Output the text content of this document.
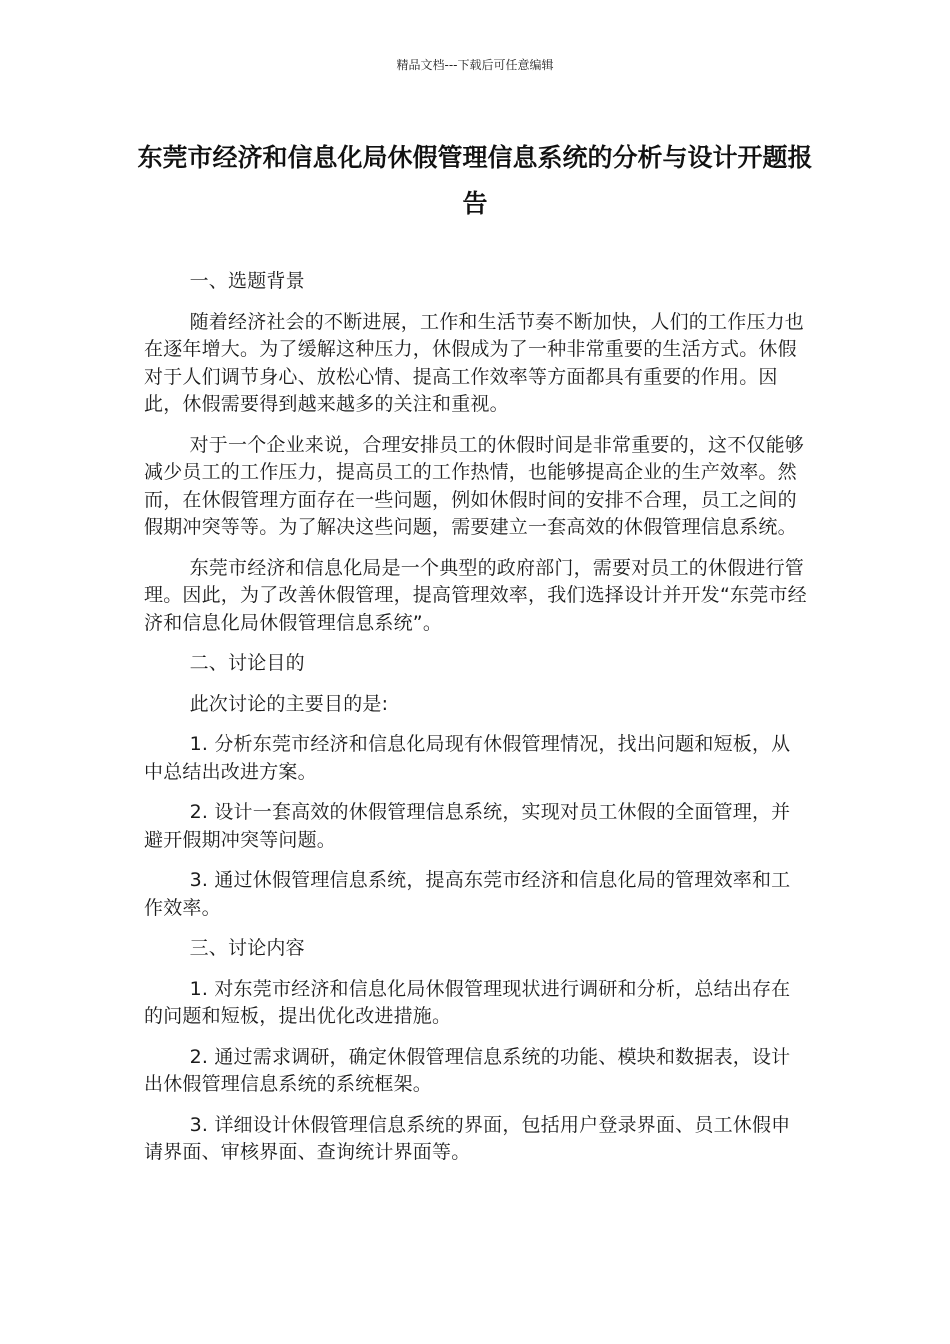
精品文档---下载后可任意编辑
东莞市经济和信息化局休假管理信息系统的分析与设计开题报告

一、选题背景

随着经济社会的不断进展，工作和生活节奏不断加快，人们的工作压力也在逐年增大。为了缓解这种压力，休假成为了一种非常重要的生活方式。休假对于人们调节身心、放松心情、提高工作效率等方面都具有重要的作用。因此，休假需要得到越来越多的关注和重视。

对于一个企业来说，合理安排员工的休假时间是非常重要的，这不仅能够减少员工的工作压力，提高员工的工作热情，也能够提高企业的生产效率。然而，在休假管理方面存在一些问题，例如休假时间的安排不合理，员工之间的假期冲突等等。为了解决这些问题，需要建立一套高效的休假管理信息系统。

东莞市经济和信息化局是一个典型的政府部门，需要对员工的休假进行管理。因此，为了改善休假管理，提高管理效率，我们选择设计并开发“东莞市经济和信息化局休假管理信息系统”。

二、讨论目的

此次讨论的主要目的是:

1. 分析东莞市经济和信息化局现有休假管理情况，找出问题和短板，从中总结出改进方案。

2. 设计一套高效的休假管理信息系统，实现对员工休假的全面管理，并避开假期冲突等问题。

3. 通过休假管理信息系统，提高东莞市经济和信息化局的管理效率和工作效率。

三、讨论内容

1. 对东莞市经济和信息化局休假管理现状进行调研和分析，总结出存在的问题和短板，提出优化改进措施。

2. 通过需求调研，确定休假管理信息系统的功能、模块和数据表，设计出休假管理信息系统的系统框架。

3. 详细设计休假管理信息系统的界面，包括用户登录界面、员工休假申请界面、审核界面、查询统计界面等。
